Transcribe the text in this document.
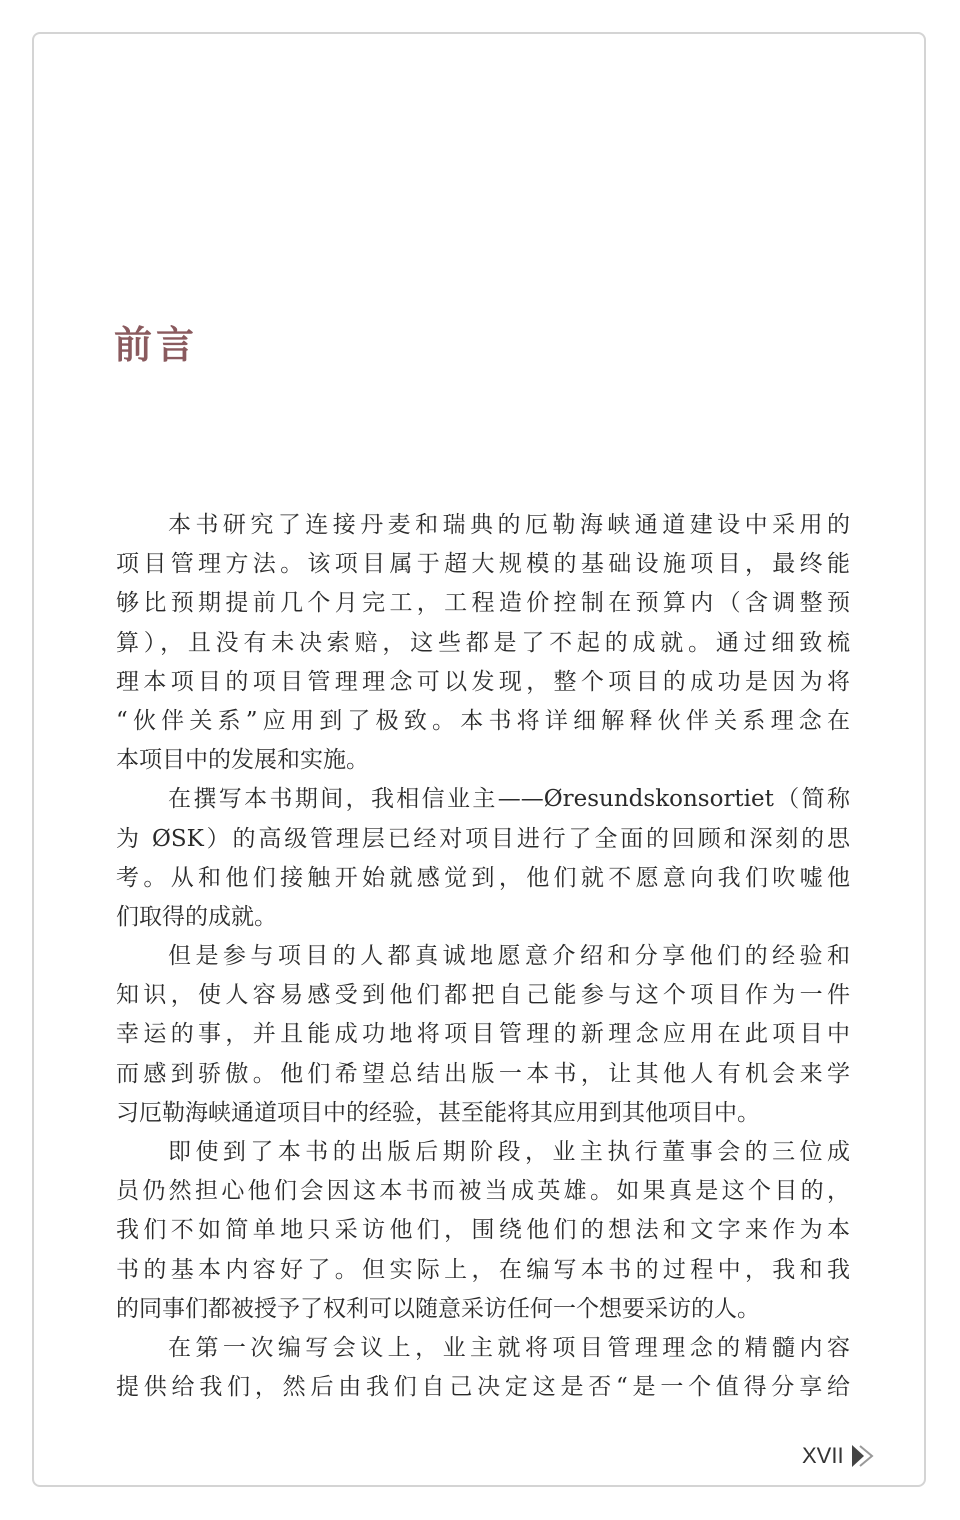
前言
本书研究了连接丹麦和瑞典的厄勒海峡通道建设中采用的
项目管理方法。该项目属于超大规模的基础设施项目，最终能
够比预期提前几个月完工，工程造价控制在预算内（含调整预
算），且没有未决索赔，这些都是了不起的成就。通过细致梳
理本项目的项目管理理念可以发现，整个项目的成功是因为将
“伙伴关系”应用到了极致。本书将详细解释伙伴关系理念在
本项目中的发展和实施。
在撰写本书期间，我相信业主——Øresundskonsortiet（简称
为 ØSK）的高级管理层已经对项目进行了全面的回顾和深刻的思
考。从和他们接触开始就感觉到，他们就不愿意向我们吹嘘他
们取得的成就。
但是参与项目的人都真诚地愿意介绍和分享他们的经验和
知识，使人容易感受到他们都把自己能参与这个项目作为一件
幸运的事，并且能成功地将项目管理的新理念应用在此项目中
而感到骄傲。他们希望总结出版一本书，让其他人有机会来学
习厄勒海峡通道项目中的经验，甚至能将其应用到其他项目中。
即使到了本书的出版后期阶段，业主执行董事会的三位成
员仍然担心他们会因这本书而被当成英雄。如果真是这个目的，
我们不如简单地只采访他们，围绕他们的想法和文字来作为本
书的基本内容好了。但实际上，在编写本书的过程中，我和我
的同事们都被授予了权利可以随意采访任何一个想要采访的人。
在第一次编写会议上，业主就将项目管理理念的精髓内容
提供给我们，然后由我们自己决定这是否“是一个值得分享给
XVII
